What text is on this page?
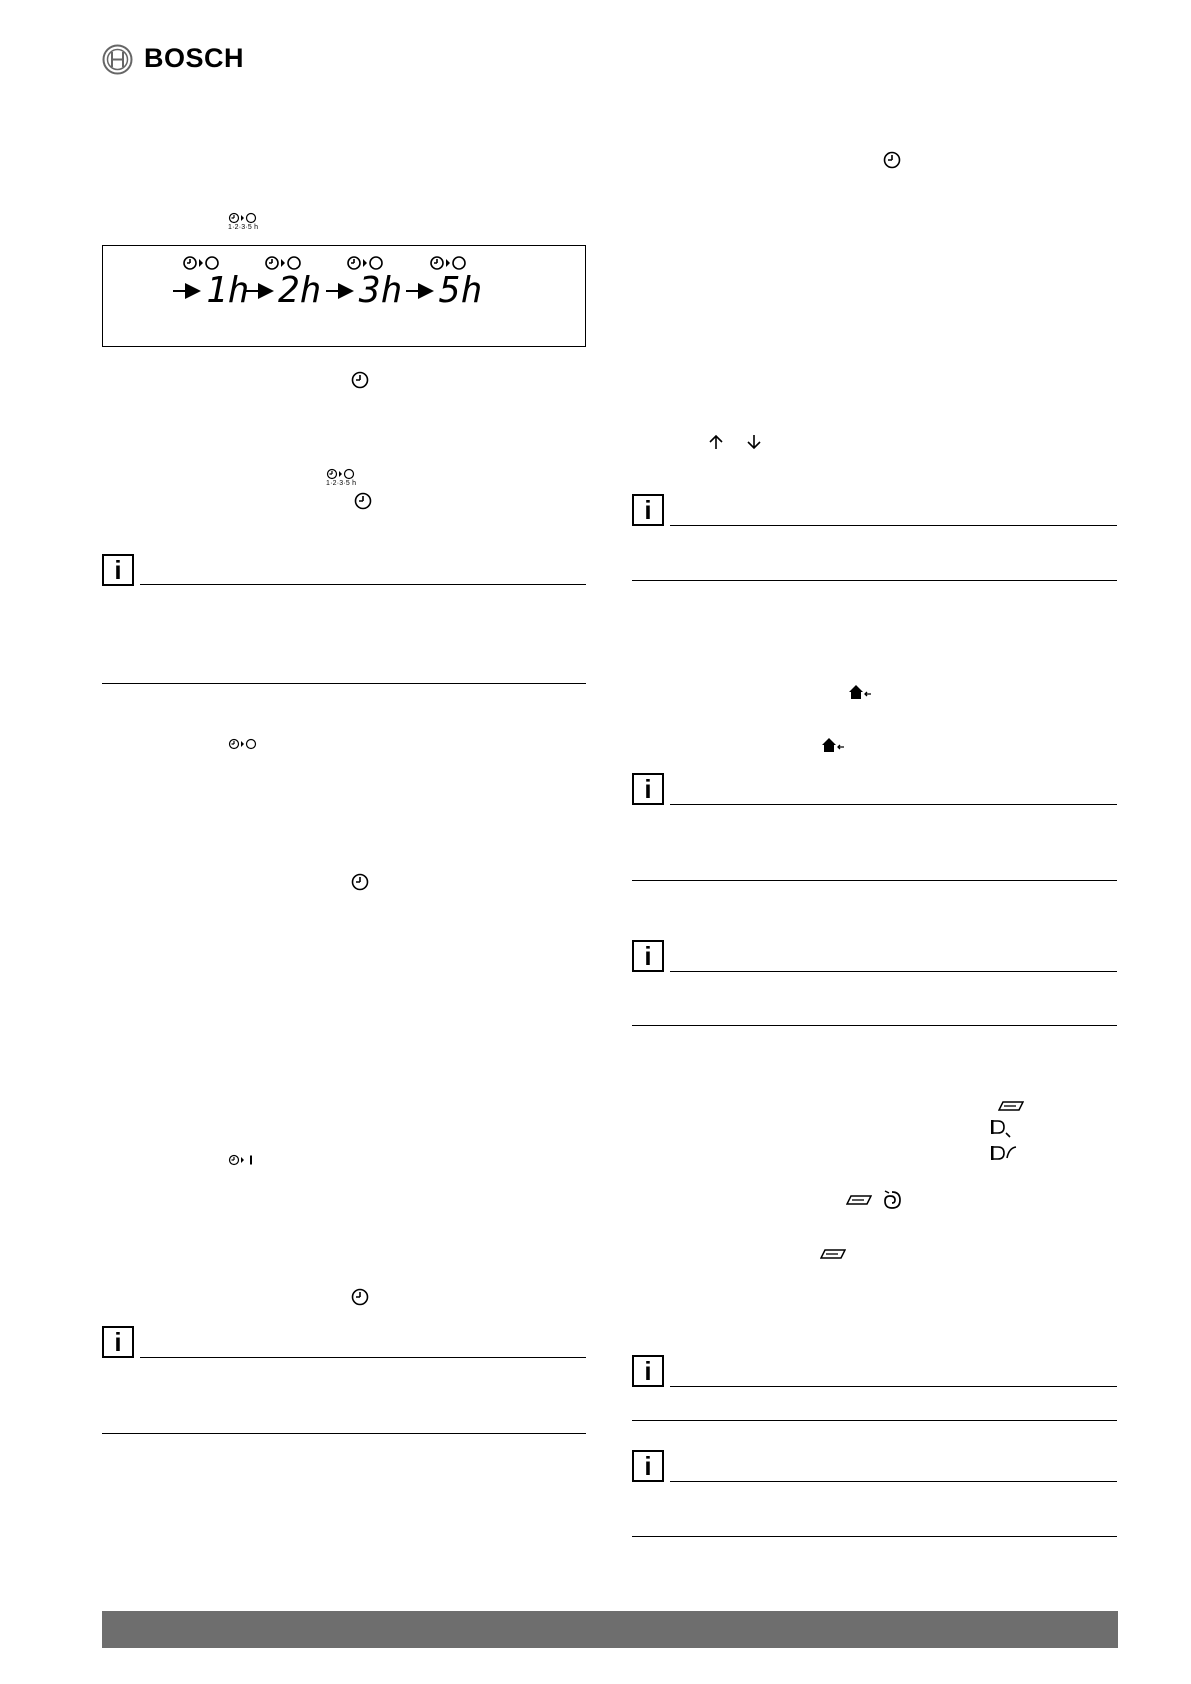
BOSCH
1·2·3·5 h
1h 2h 3h 5h
1·2·3·5 h
i
i
i
i
i
i
i
